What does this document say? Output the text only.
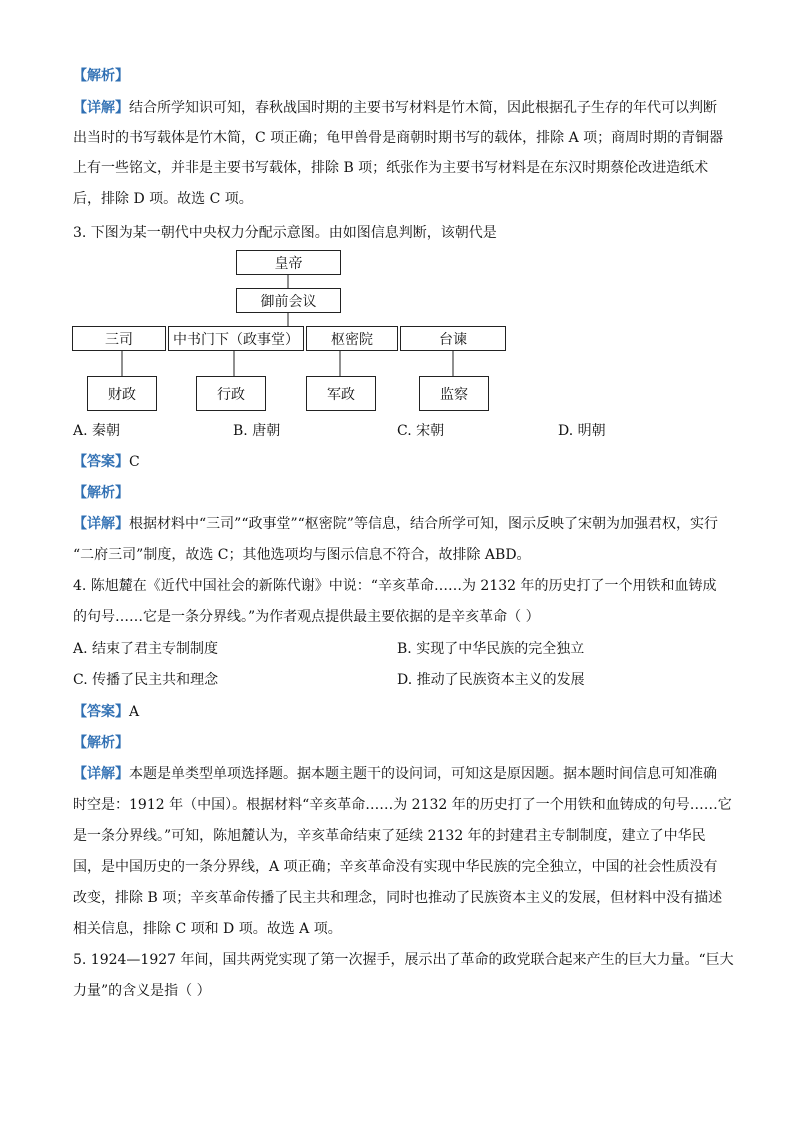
【解析】
【详解】结合所学知识可知，春秋战国时期的主要书写材料是竹木简，因此根据孔子生存的年代可以判断
出当时的书写载体是竹木简，C 项正确；龟甲兽骨是商朝时期书写的载体，排除 A 项；商周时期的青铜器
上有一些铭文，并非是主要书写载体，排除 B 项；纸张作为主要书写材料是在东汉时期蔡伦改进造纸术
后，排除 D 项。故选 C 项。
3. 下图为某一朝代中央权力分配示意图。由如图信息判断，该朝代是
皇帝
御前会议
三司	中书门下（政事堂）	枢密院	台谏
财政	行政	军政	监察
A. 秦朝	B. 唐朝	C. 宋朝	D. 明朝
【答案】C
【解析】
【详解】根据材料中“三司”“政事堂”“枢密院”等信息，结合所学可知，图示反映了宋朝为加强君权，实行
“二府三司”制度，故选 C；其他选项均与图示信息不符合，故排除 ABD。
4. 陈旭麓在《近代中国社会的新陈代谢》中说：“辛亥革命……为 2132 年的历史打了一个用铁和血铸成
的句号……它是一条分界线。”为作者观点提供最主要依据的是辛亥革命（ ）
A. 结束了君主专制制度	B. 实现了中华民族的完全独立
C. 传播了民主共和理念	D. 推动了民族资本主义的发展
【答案】A
【解析】
【详解】本题是单类型单项选择题。据本题主题干的设问词，可知这是原因题。据本题时间信息可知准确
时空是：1912 年（中国）。根据材料“辛亥革命……为 2132 年的历史打了一个用铁和血铸成的句号……它
是一条分界线。”可知，陈旭麓认为，辛亥革命结束了延续 2132 年的封建君主专制制度，建立了中华民
国，是中国历史的一条分界线，A 项正确；辛亥革命没有实现中华民族的完全独立，中国的社会性质没有
改变，排除 B 项；辛亥革命传播了民主共和理念，同时也推动了民族资本主义的发展，但材料中没有描述
相关信息，排除 C 项和 D 项。故选 A 项。
5. 1924—1927 年间，国共两党实现了第一次握手，展示出了革命的政党联合起来产生的巨大力量。“巨大
力量”的含义是指（ ）
